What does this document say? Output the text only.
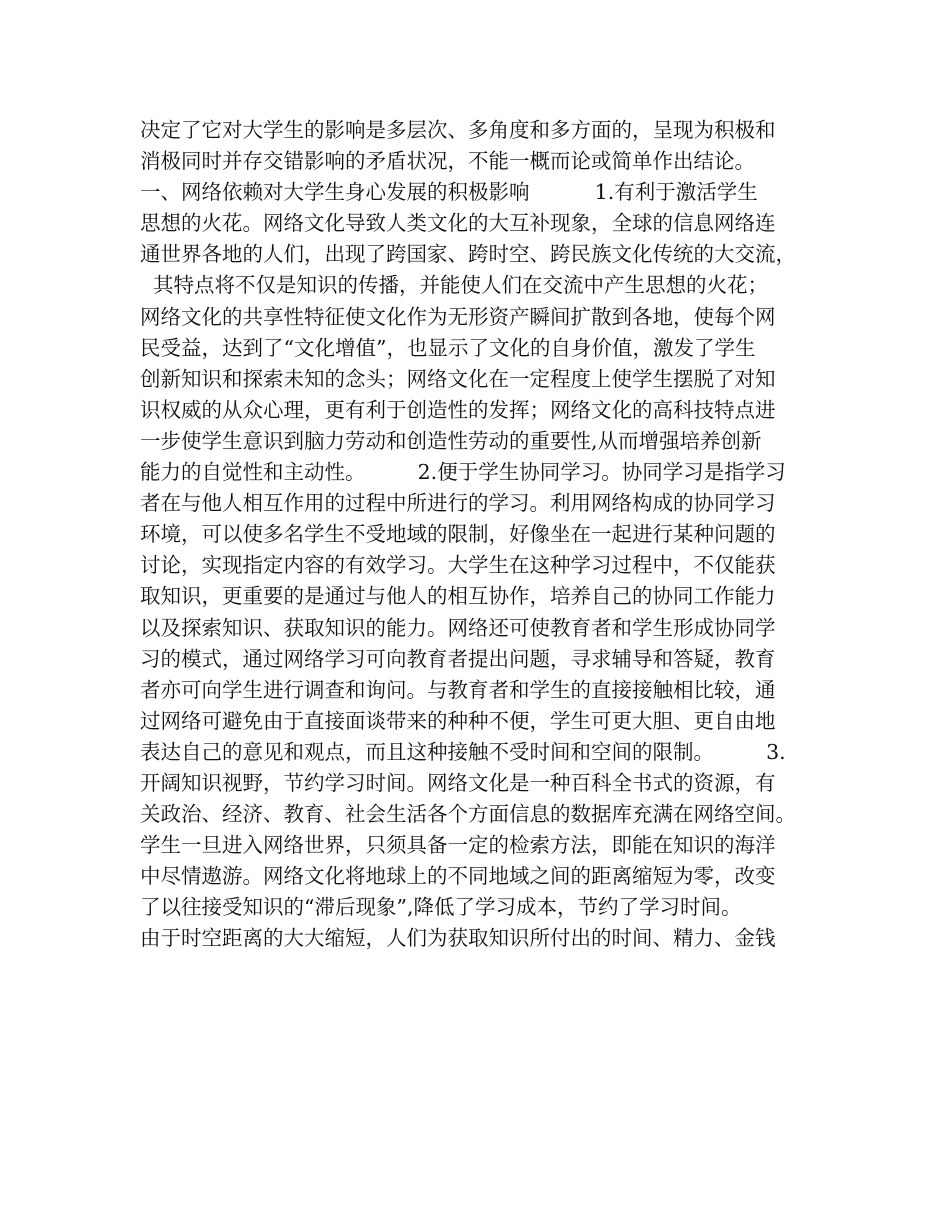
决定了它对大学生的影响是多层次、多角度和多方面的，呈现为积极和
消极同时并存交错影响的矛盾状况，不能一概而论或简单作出结论。
一、网络依赖对大学生身心发展的积极影响          1.有利于激活学生
思想的火花。网络文化导致人类文化的大互补现象，全球的信息网络连
通世界各地的人们，出现了跨国家、跨时空、跨民族文化传统的大交流，
其特点将不仅是知识的传播，并能使人们在交流中产生思想的火花；
网络文化的共享性特征使文化作为无形资产瞬间扩散到各地，使每个网
民受益，达到了“文化增值”，也显示了文化的自身价值，激发了学生
创新知识和探索未知的念头；网络文化在一定程度上使学生摆脱了对知
识权威的从众心理，更有利于创造性的发挥；网络文化的高科技特点进
一步使学生意识到脑力劳动和创造性劳动的重要性,从而增强培养创新
能力的自觉性和主动性。        2.便于学生协同学习。协同学习是指学习
者在与他人相互作用的过程中所进行的学习。利用网络构成的协同学习
环境，可以使多名学生不受地域的限制，好像坐在一起进行某种问题的
讨论，实现指定内容的有效学习。大学生在这种学习过程中，不仅能获
取知识，更重要的是通过与他人的相互协作，培养自己的协同工作能力
以及探索知识、获取知识的能力。网络还可使教育者和学生形成协同学
习的模式，通过网络学习可向教育者提出问题，寻求辅导和答疑，教育
者亦可向学生进行调查和询问。与教育者和学生的直接接触相比较，通
过网络可避免由于直接面谈带来的种种不便，学生可更大胆、更自由地
表达自己的意见和观点，而且这种接触不受时间和空间的限制。        3.
开阔知识视野，节约学习时间。网络文化是一种百科全书式的资源，有
关政治、经济、教育、社会生活各个方面信息的数据库充满在网络空间。
学生一旦进入网络世界，只须具备一定的检索方法，即能在知识的海洋
中尽情遨游。网络文化将地球上的不同地域之间的距离缩短为零，改变
了以往接受知识的“滞后现象”,降低了学习成本，节约了学习时间。
由于时空距离的大大缩短，人们为获取知识所付出的时间、精力、金钱
